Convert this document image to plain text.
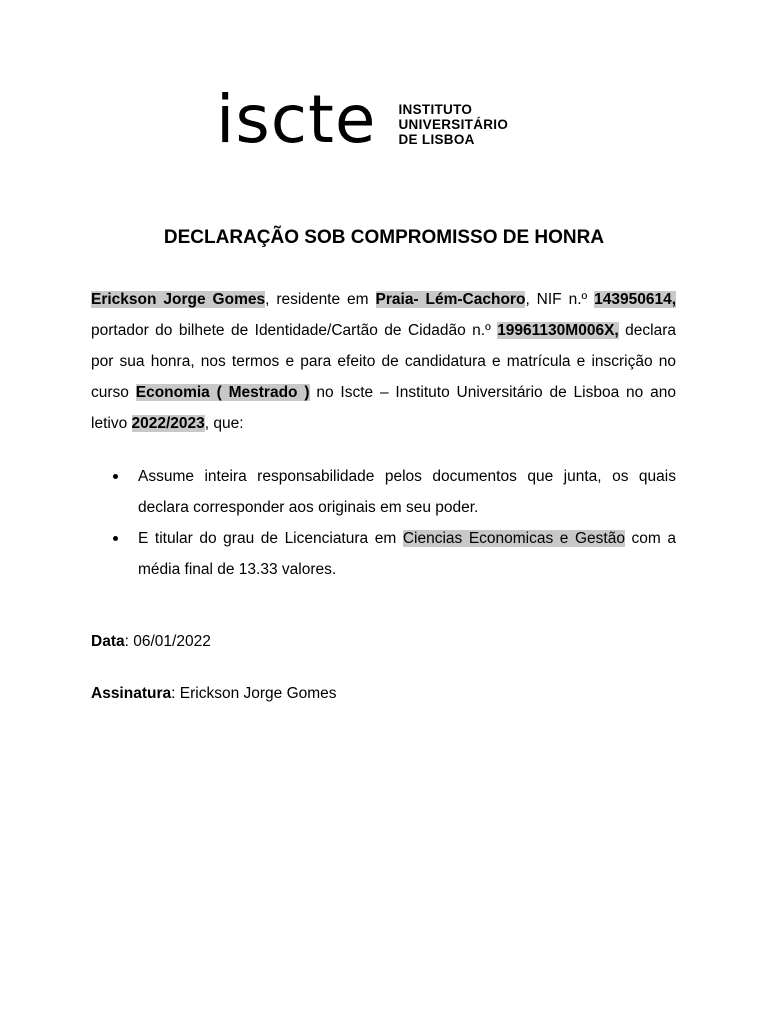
iscte INSTITUTO
UNIVERSITÁRIO
DE LISBOA
DECLARAÇÃO SOB COMPROMISSO DE HONRA
Erickson Jorge Gomes, residente em Praia- Lém-Cachoro, NIF n.º 143950614, portador do bilhete de Identidade/Cartão de Cidadão n.º 19961130M006X, declara por sua honra, nos termos e para efeito de candidatura e matrícula e inscrição no curso Economia ( Mestrado ) no Iscte – Instituto Universitário de Lisboa no ano letivo 2022/2023, que:
Assume inteira responsabilidade pelos documentos que junta, os quais declara corresponder aos originais em seu poder.
E titular do grau de Licenciatura em Ciencias Economicas e Gestão com a média final de 13.33 valores.
Data: 06/01/2022
Assinatura: Erickson Jorge Gomes
